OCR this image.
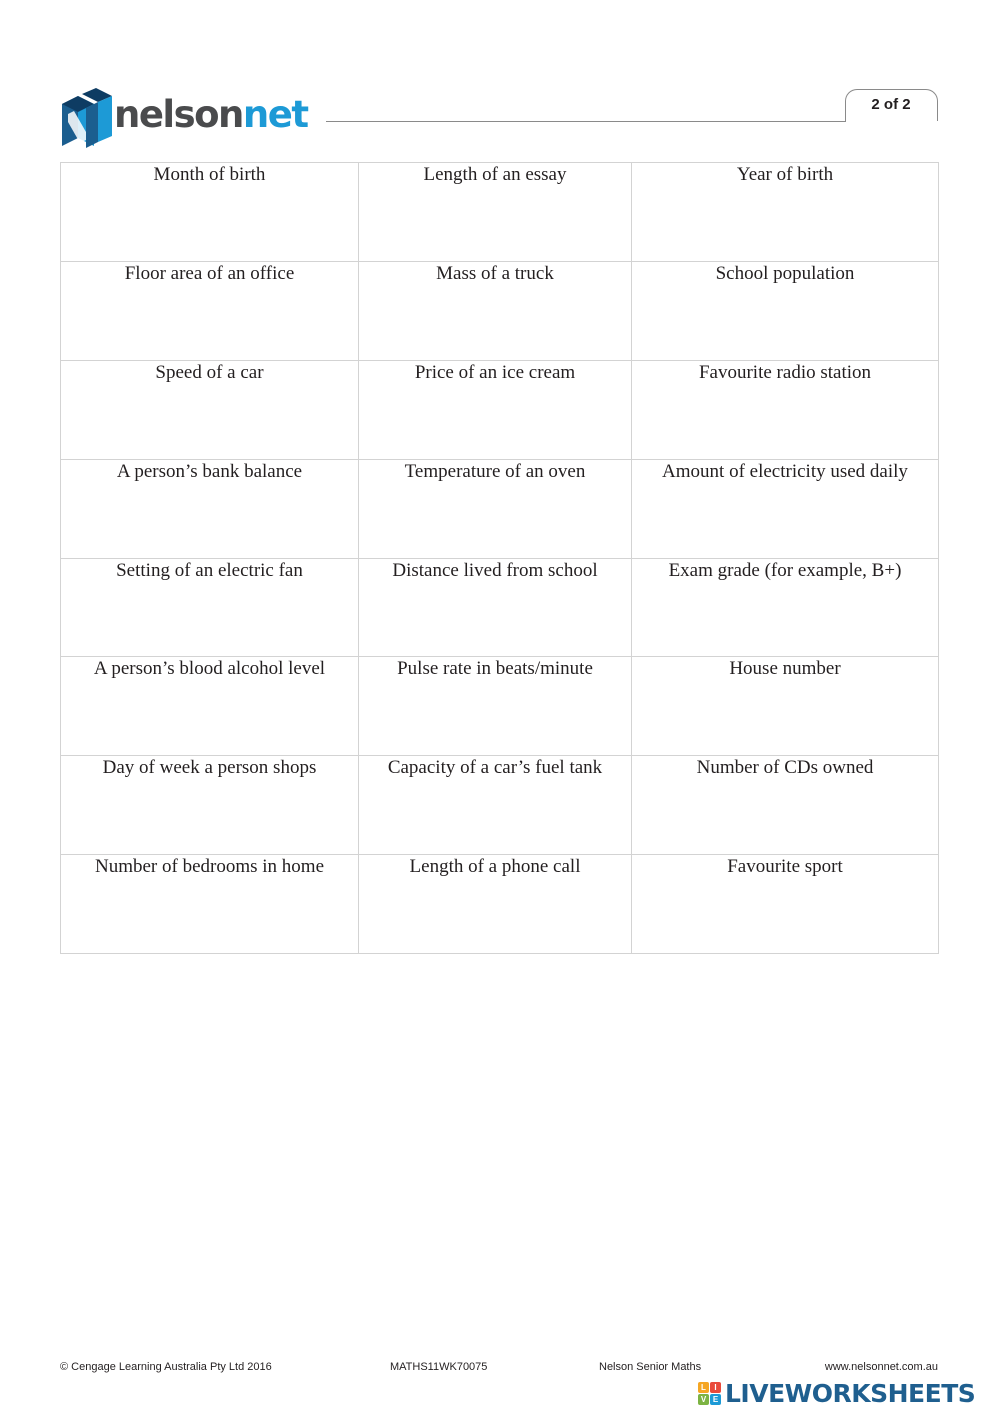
nelsonnet	2 of 2
Month of birth	Length of an essay	Year of birth
Floor area of an office	Mass of a truck	School population
Speed of a car	Price of an ice cream	Favourite radio station
A person’s bank balance	Temperature of an oven	Amount of electricity used daily
Setting of an electric fan	Distance lived from school	Exam grade (for example, B+)
A person’s blood alcohol level	Pulse rate in beats/minute	House number
Day of week a person shops	Capacity of a car’s fuel tank	Number of CDs owned
Number of bedrooms in home	Length of a phone call	Favourite sport
© Cengage Learning Australia Pty Ltd 2016	MATHS11WK70075	Nelson Senior Maths	www.nelsonnet.com.au
L	I
V E LIVEWORKSHEETS
